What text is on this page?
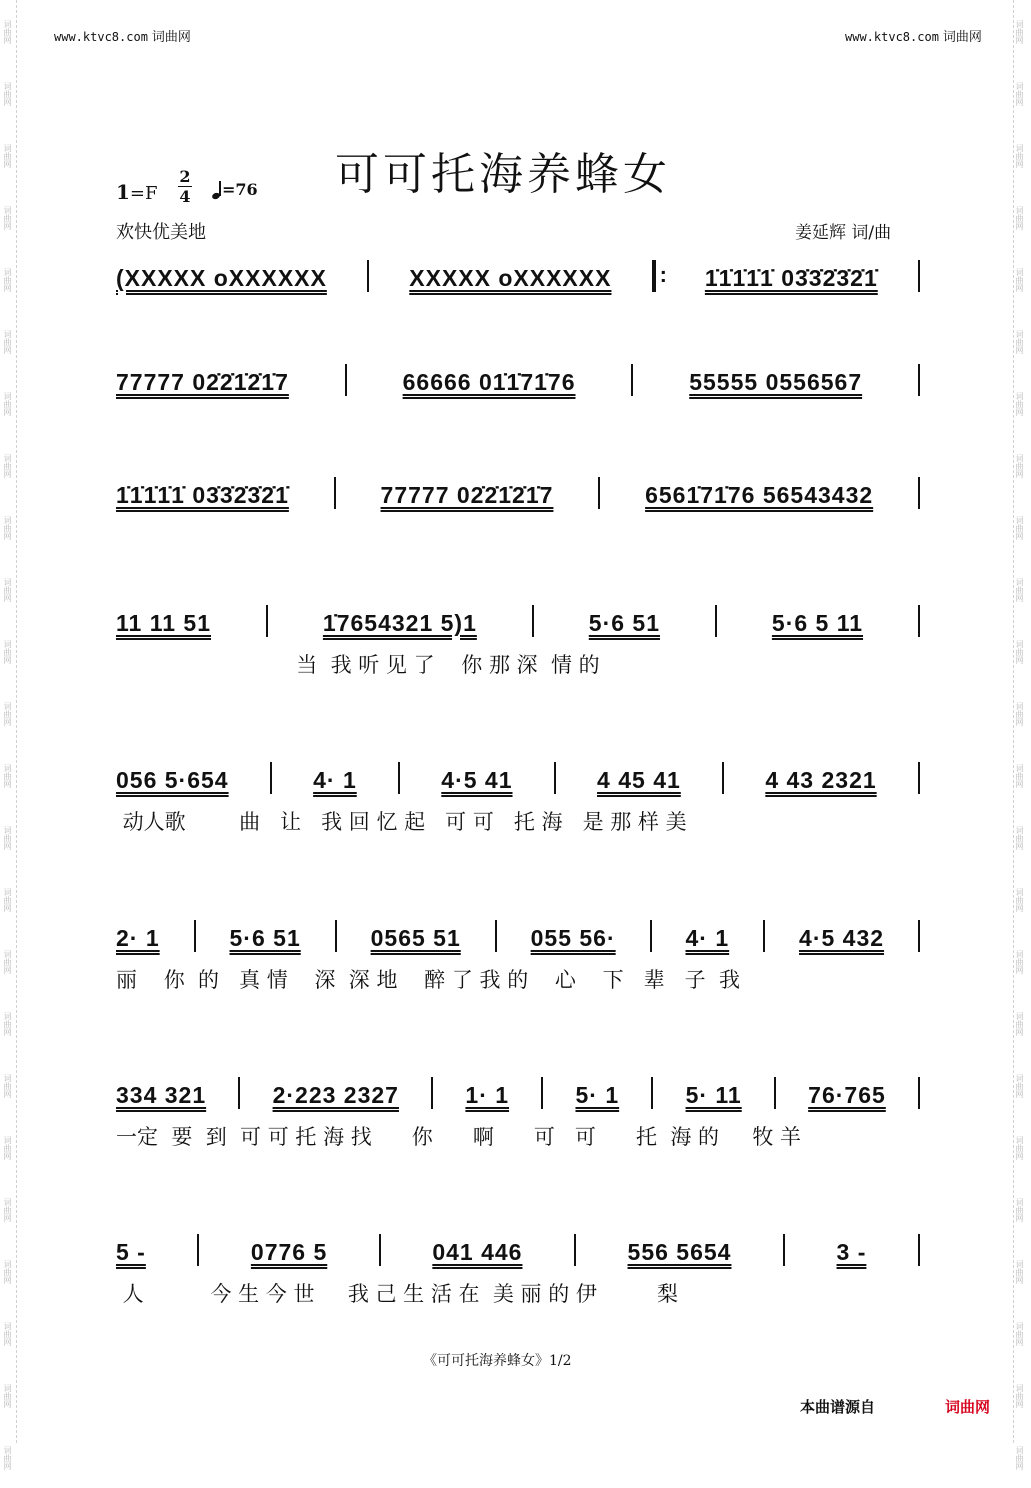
词曲网
词曲网
词曲网
词曲网
词曲网
词曲网
词曲网
词曲网
词曲网
词曲网
词曲网
词曲网
词曲网
词曲网
词曲网
词曲网
词曲网
词曲网
词曲网
词曲网
词曲网
词曲网
词曲网
词曲网
词曲网
词曲网
词曲网
词曲网
词曲网
词曲网
词曲网
词曲网
词曲网
词曲网
词曲网
词曲网
词曲网
词曲网
词曲网
词曲网
词曲网
词曲网
词曲网
词曲网
词曲网
词曲网
词曲网
词曲网
www.ktvc8.com 词曲网	www.ktvc8.com 词曲网
可可托海养蜂女
1=F
2
4	=76
欢快优美地	姜延辉 词/曲
(XXXXX oXXXXXX	XXXXX oXXXXXX
:	1̇1̇1̇1̇1̇ 03̇3̇2̇3̇2̇1̇
77777 02̇2̇1̇2̇1̇7	66666 01̇1̇71̇76	55555 0556567
1̇1̇1̇1̇1̇ 03̇3̇2̇3̇2̇1̇	77777 02̇2̇1̇2̇1̇7	6561̇71̇76 56543432
11 11 51	1̇7654321 5)1	5·6 51	5·6 5 11
当  我 听 见 了    你 那 深  情 的
056 5·654	4· 1	4·5 41	4 45 41	4 43 2321
动人歌        曲   让   我 回 忆 起   可 可   托 海   是 那 样 美
2· 1	5·6 51	0565 51	055 56·	4· 1	4·5 432
丽    你  的   真 情    深  深 地    醉 了 我 的    心    下   辈   子  我
334 321	2·223 2327	1· 1	5· 1	5· 11	76·765
一定  要  到  可 可 托 海 找      你      啊      可   可      托  海 的     牧 羊
5 -	0776 5	041 446	556 5654	3 -
人          今 生 今 世     我 己 生 活 在  美 丽 的 伊         梨
《可可托海养蜂女》1/2
本曲谱源自	词曲网
